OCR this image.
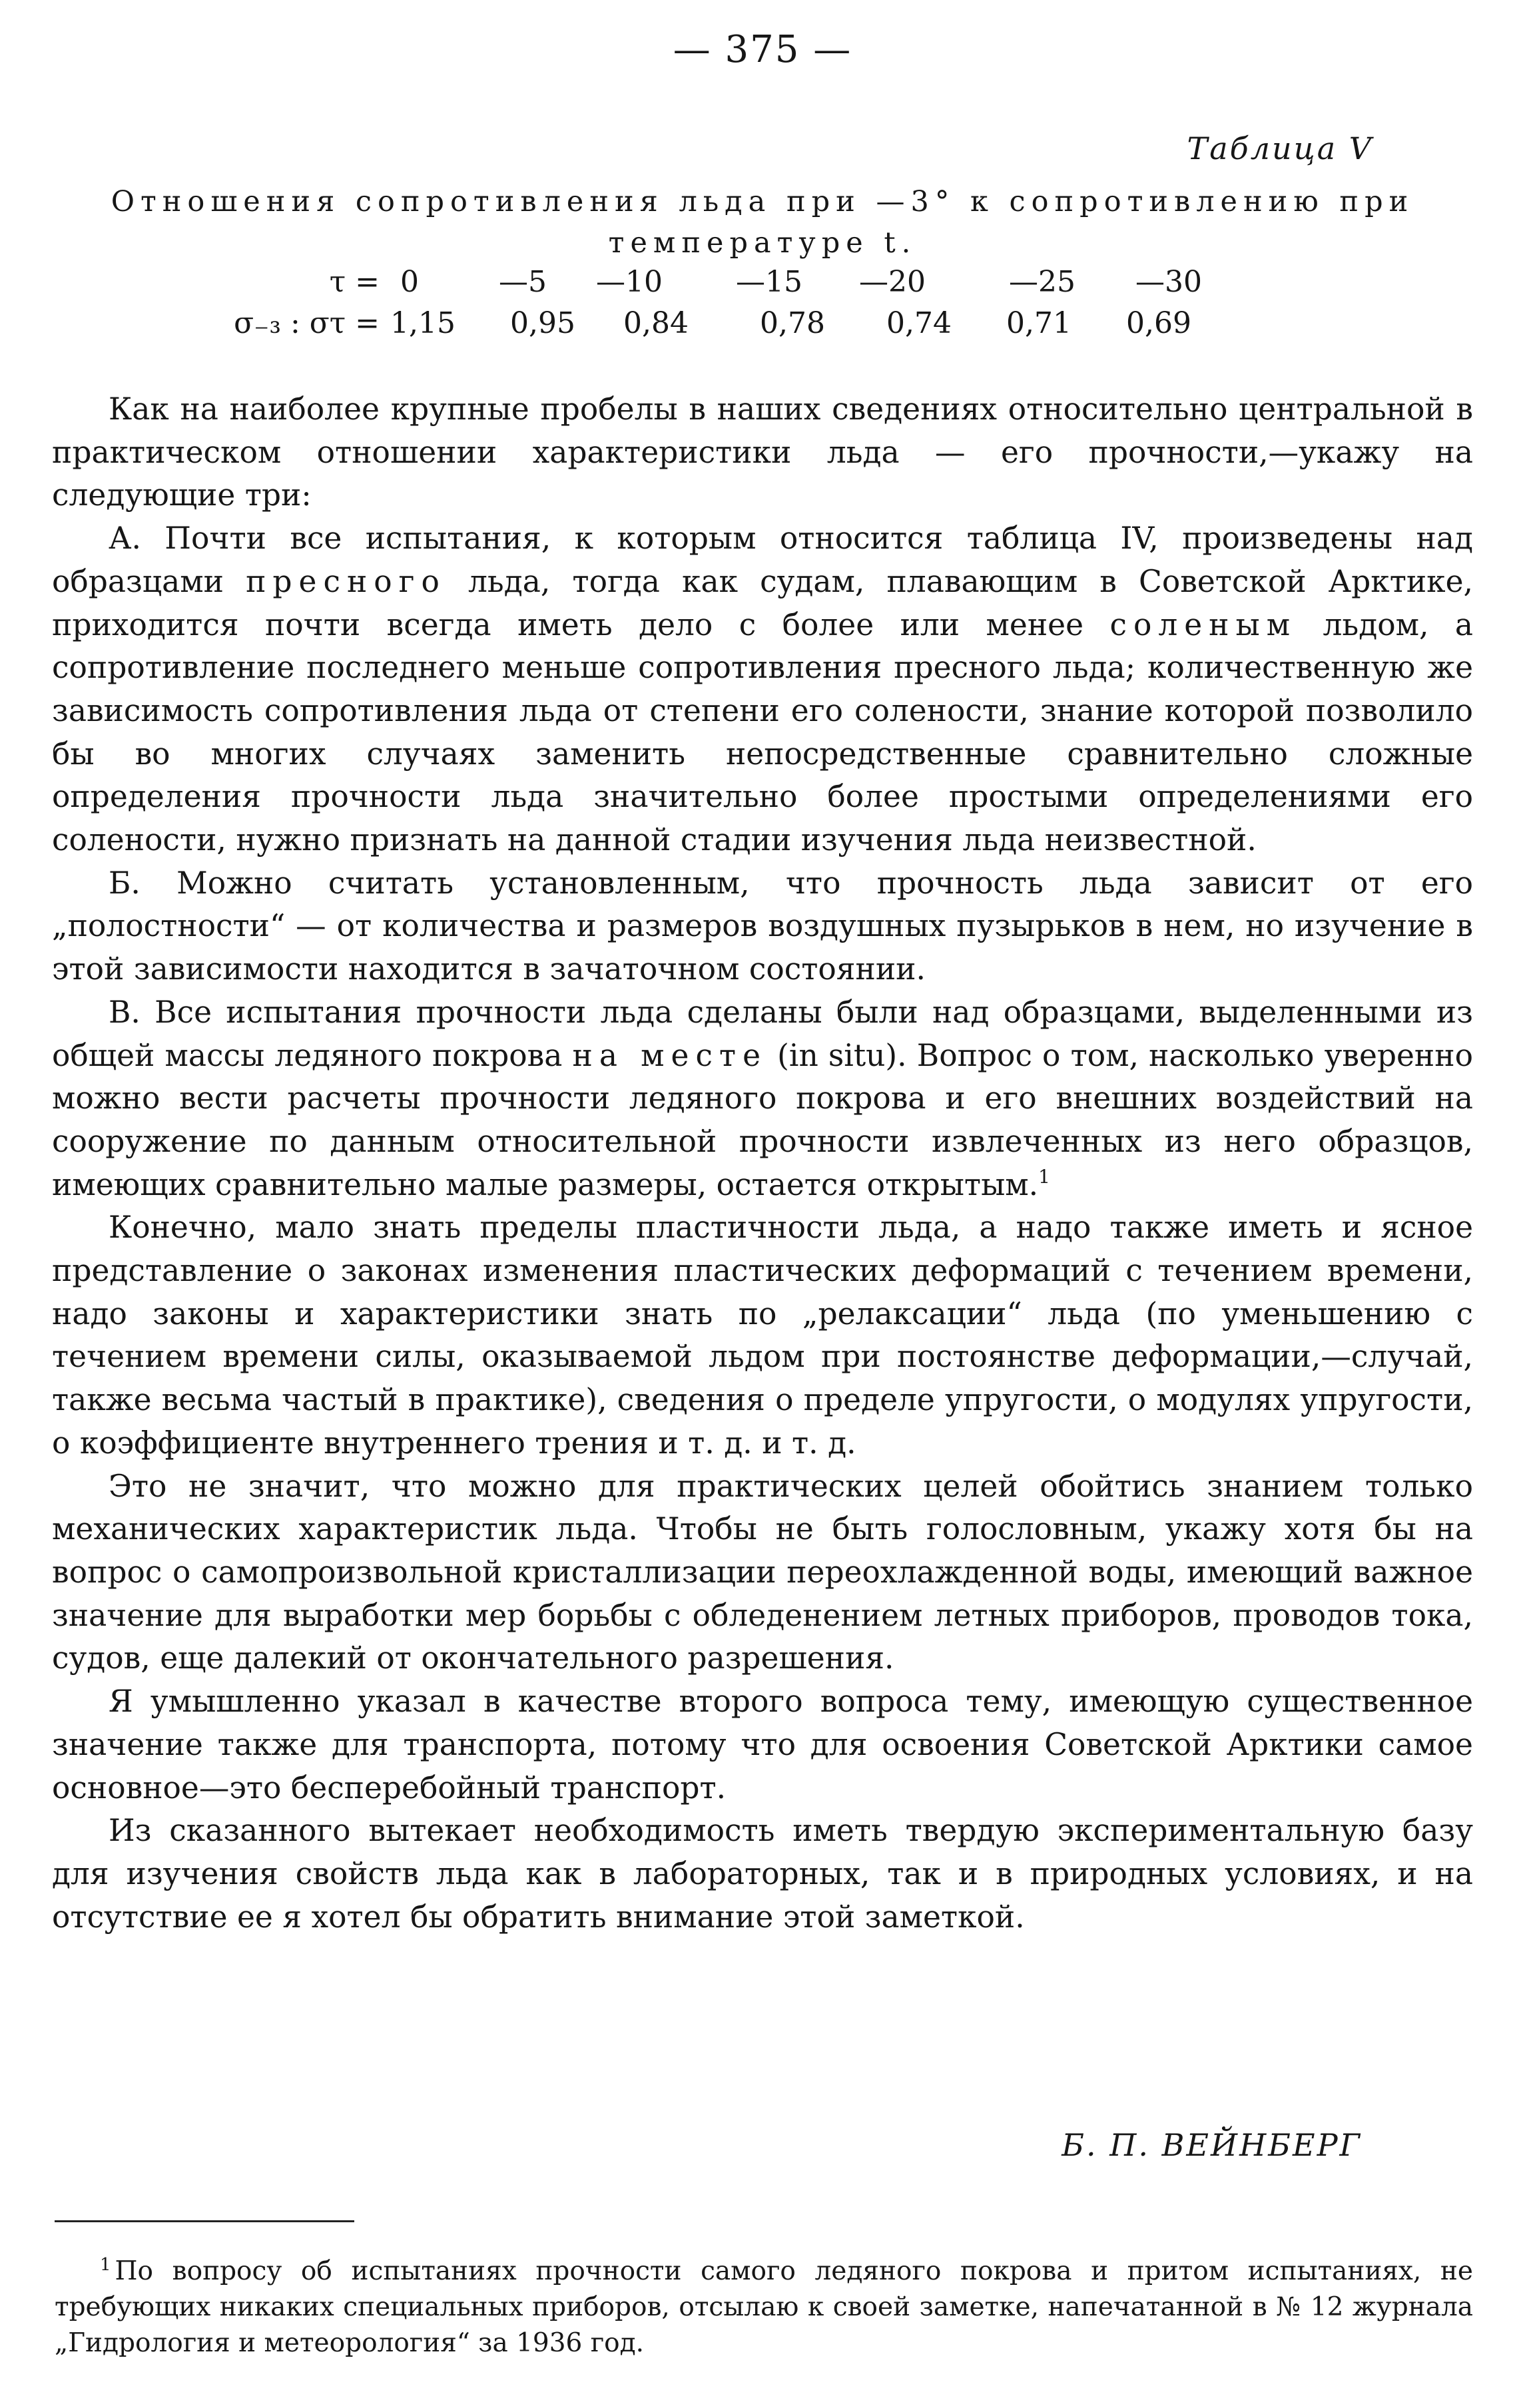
— 375 —
Таблица V
Отношения сопротивления льда при —3° к сопротивлению при
температуре t.
τ = 0	—5	—10	—15	—20	—25	—30
σ₋₃ : στ = 1,15	0,95	0,84	0,78	0,74	0,71	0,69

Как на наиболее крупные пробелы в наших сведениях относительно центральной в практическом отношении характеристики льда — его прочности,—укажу на следующие три:

А. Почти все испытания, к которым относится таблица IV, произведены над образцами пресного льда, тогда как судам, плавающим в Советской Арктике, приходится почти всегда иметь дело с более или менее соленым льдом, а сопротивление последнего меньше сопротивления пресного льда; количественную же зависимость сопротивления льда от степени его солености, знание которой позволило бы во многих случаях заменить непосредственные сравнительно сложные определения прочности льда значительно более простыми определениями его солености, нужно признать на данной стадии изучения льда неизвестной.

Б. Можно считать установленным, что прочность льда зависит от его „полостности“ — от количества и размеров воздушных пузырьков в нем, но изучение в этой зависимости находится в зачаточном состоянии.

В. Все испытания прочности льда сделаны были над образцами, выделенными из общей массы ледяного покрова на месте (in situ). Вопрос о том, насколько уверенно можно вести расчеты прочности ледяного покрова и его внешних воздействий на сооружение по данным относительной прочности извлеченных из него образцов, имеющих сравнительно малые размеры, остается открытым.$^1$

Конечно, мало знать пределы пластичности льда, а надо также иметь и ясное представление о законах изменения пластических деформаций с течением времени, надо законы и характеристики знать по „релаксации“ льда (по уменьшению с течением времени силы, оказываемой льдом при постоянстве деформации,—случай, также весьма частый в практике), сведения о пределе упругости, о модулях упругости, о коэффициенте внутреннего трения и т. д. и т. д.

Это не значит, что можно для практических целей обойтись знанием только механических характеристик льда. Чтобы не быть голословным, укажу хотя бы на вопрос о самопроизвольной кристаллизации переохлажденной воды, имеющий важное значение для выработки мер борьбы с обледенением летных приборов, проводов тока, судов, еще далекий от окончательного разрешения.

Я умышленно указал в качестве второго вопроса тему, имеющую существенное значение также для транспорта, потому что для освоения Советской Арктики самое основное—это бесперебойный транспорт.

Из сказанного вытекает необходимость иметь твердую экспериментальную базу для изучения свойств льда как в лабораторных, так и в природных условиях, и на отсутствие ее я хотел бы обратить внимание этой заметкой.

Б. П. ВЕЙНБЕРГ
$^1$ По вопросу об испытаниях прочности самого ледяного покрова и притом испытаниях, не требующих никаких специальных приборов, отсылаю к своей заметке, напечатанной в № 12 журнала „Гидрология и метеорология“ за 1936 год.
